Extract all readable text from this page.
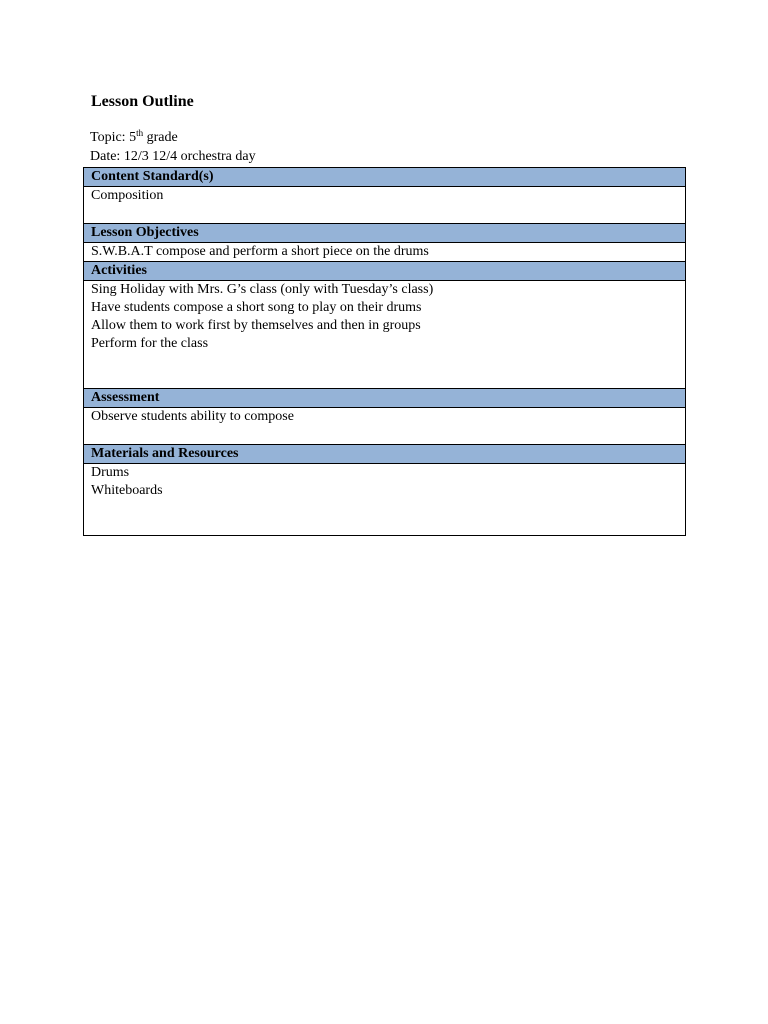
Lesson Outline
Topic: 5th grade
Date: 12/3 12/4 orchestra day
Content Standard(s)
Composition
Lesson Objectives
S.W.B.A.T compose and perform a short piece on the drums
Activities
Sing Holiday with Mrs. G’s class (only with Tuesday’s class)
Have students compose a short song to play on their drums
Allow them to work first by themselves and then in groups
Perform for the class
Assessment
Observe students ability to compose
Materials and Resources
Drums
Whiteboards
